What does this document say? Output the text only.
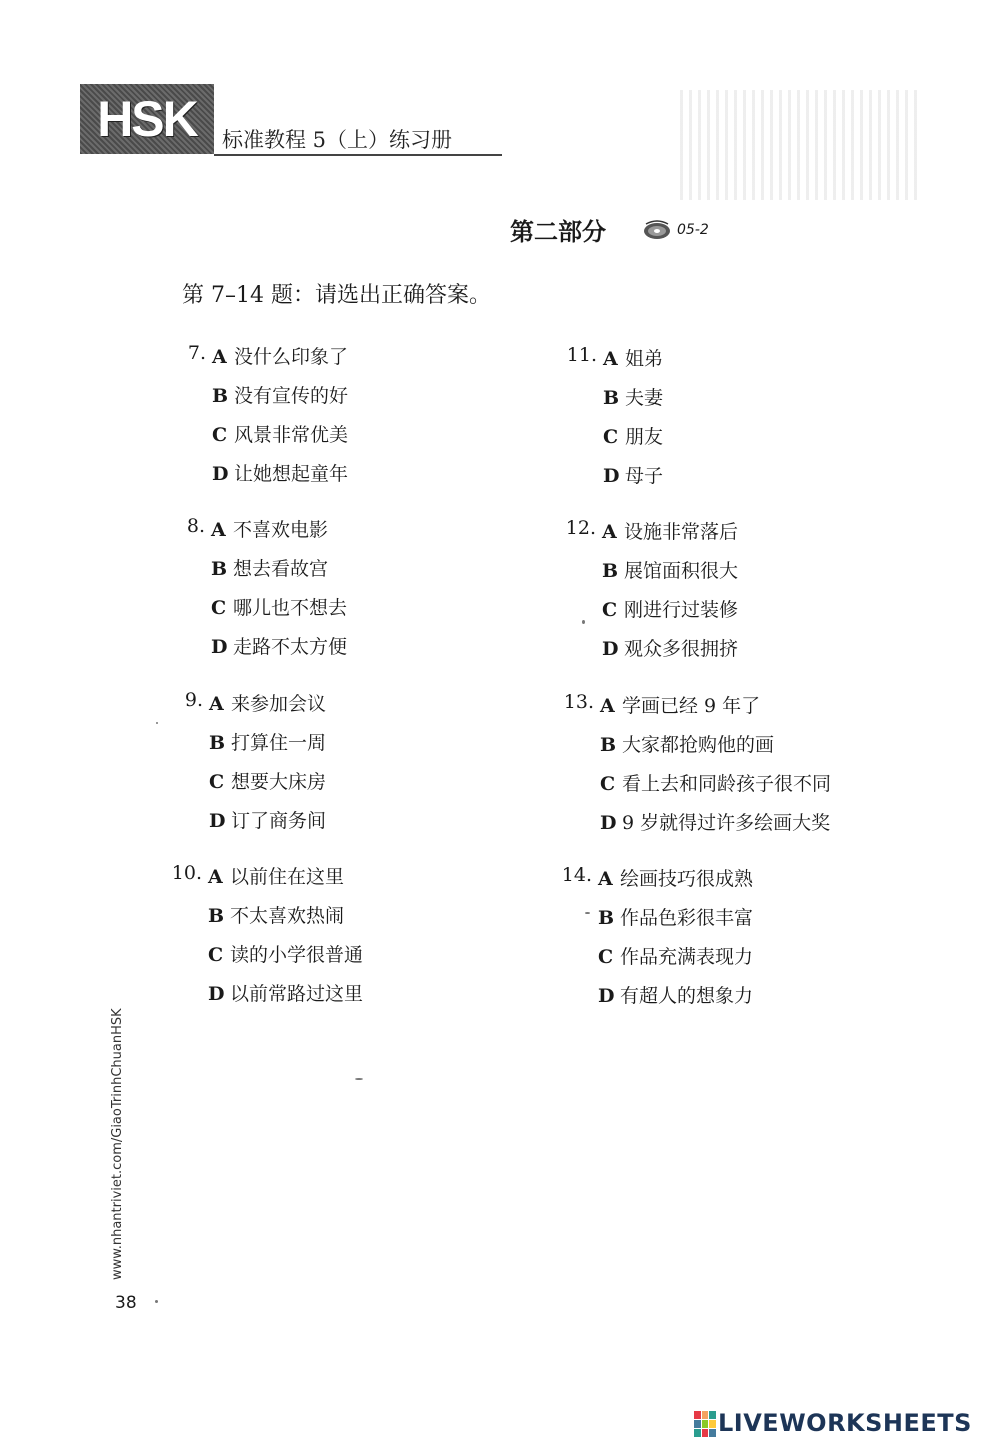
HSK	标准教程 5（上）练习册
第二部分	05-2
第 7–14 题：请选出正确答案。
7. A 没什么印象了
B 没有宣传的好
C 风景非常优美
D 让她想起童年
8. A 不喜欢电影
B 想去看故宫
C 哪儿也不想去
D 走路不太方便
9. A 来参加会议
B 打算住一周
C 想要大床房
D 订了商务间
10. A 以前住在这里
B 不太喜欢热闹
C 读的小学很普通
D 以前常路过这里
11. A 姐弟
B 夫妻
C 朋友
D 母子
12. A 设施非常落后
B 展馆面积很大
C 刚进行过装修
D 观众多很拥挤
13. A 学画已经 9 年了
B 大家都抢购他的画
C 看上去和同龄孩子很不同
D 9 岁就得过许多绘画大奖
14. A 绘画技巧很成熟
B 作品色彩很丰富
C 作品充满表现力
D 有超人的想象力
www.nhantriviet.com/GiaoTrinhChuanHSK
38
LIVEWORKSHEETS
